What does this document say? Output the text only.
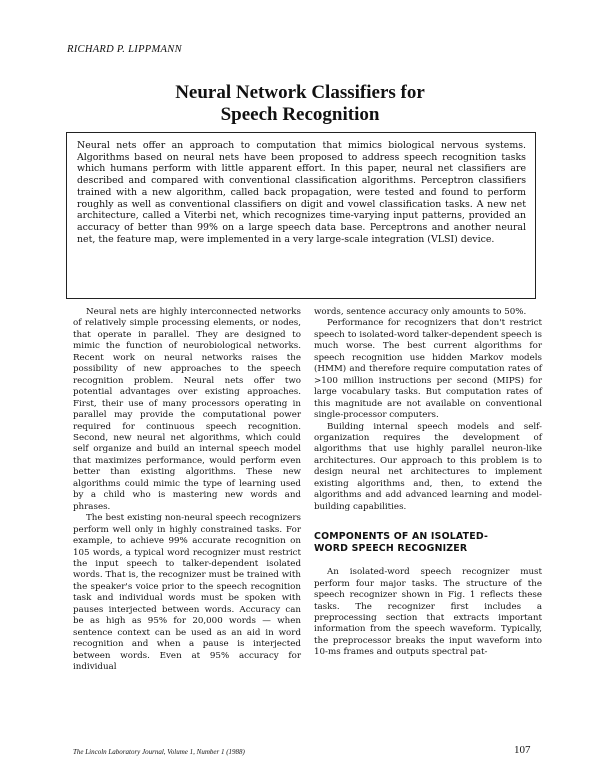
RICHARD P. LIPPMANN
Neural Network Classifiers for
Speech Recognition
Neural nets offer an approach to computation that mimics biological nervous systems. Algorithms based on neural nets have been proposed to address speech recognition tasks which humans perform with little apparent effort. In this paper, neural net classifiers are described and compared with conventional classification algorithms. Perceptron classifiers trained with a new algorithm, called back propagation, were tested and found to perform roughly as well as conventional classifiers on digit and vowel classification tasks. A new net architecture, called a Viterbi net, which recognizes time-varying input patterns, provided an accuracy of better than 99% on a large speech data base. Perceptrons and another neural net, the feature map, were implemented in a very large-scale integration (VLSI) device.

Neural nets are highly interconnected networks of relatively simple processing elements, or nodes, that operate in parallel. They are designed to mimic the function of neurobiological networks. Recent work on neural networks raises the possibility of new approaches to the speech recognition problem. Neural nets offer two potential advantages over existing approaches. First, their use of many processors operating in parallel may provide the computational power required for continuous speech recognition. Second, new neural net algorithms, which could self organize and build an internal speech model that maximizes performance, would perform even better than existing algorithms. These new algorithms could mimic the type of learning used by a child who is mastering new words and phrases.

The best existing non-neural speech recognizers perform well only in highly constrained tasks. For example, to achieve 99% accurate recognition on 105 words, a typical word recognizer must restrict the input speech to talker-dependent isolated words. That is, the recognizer must be trained with the speaker's voice prior to the speech recognition task and individual words must be spoken with pauses interjected between words. Accuracy can be as high as 95% for 20,000 words — when sentence context can be used as an aid in word recognition and when a pause is interjected between words. Even at 95% accuracy for individual

words, sentence accuracy only amounts to 50%.

Performance for recognizers that don't restrict speech to isolated-word talker-dependent speech is much worse. The best current algorithms for speech recognition use hidden Markov models (HMM) and therefore require computation rates of >100 million instructions per second (MIPS) for large vocabulary tasks. But computation rates of this magnitude are not available on conventional single-processor computers.

Building internal speech models and self-organization requires the development of algorithms that use highly parallel neuron-like architectures. Our approach to this problem is to design neural net architectures to implement existing algorithms and, then, to extend the algorithms and add advanced learning and model-building capabilities.

COMPONENTS OF AN ISOLATED-
WORD SPEECH RECOGNIZER

An isolated-word speech recognizer must perform four major tasks. The structure of the speech recognizer shown in Fig. 1 reflects these tasks. The recognizer first includes a preprocessing section that extracts important information from the speech waveform. Typically, the preprocessor breaks the input waveform into 10-ms frames and outputs spectral pat-

The Lincoln Laboratory Journal, Volume 1, Number 1 (1988)	107
